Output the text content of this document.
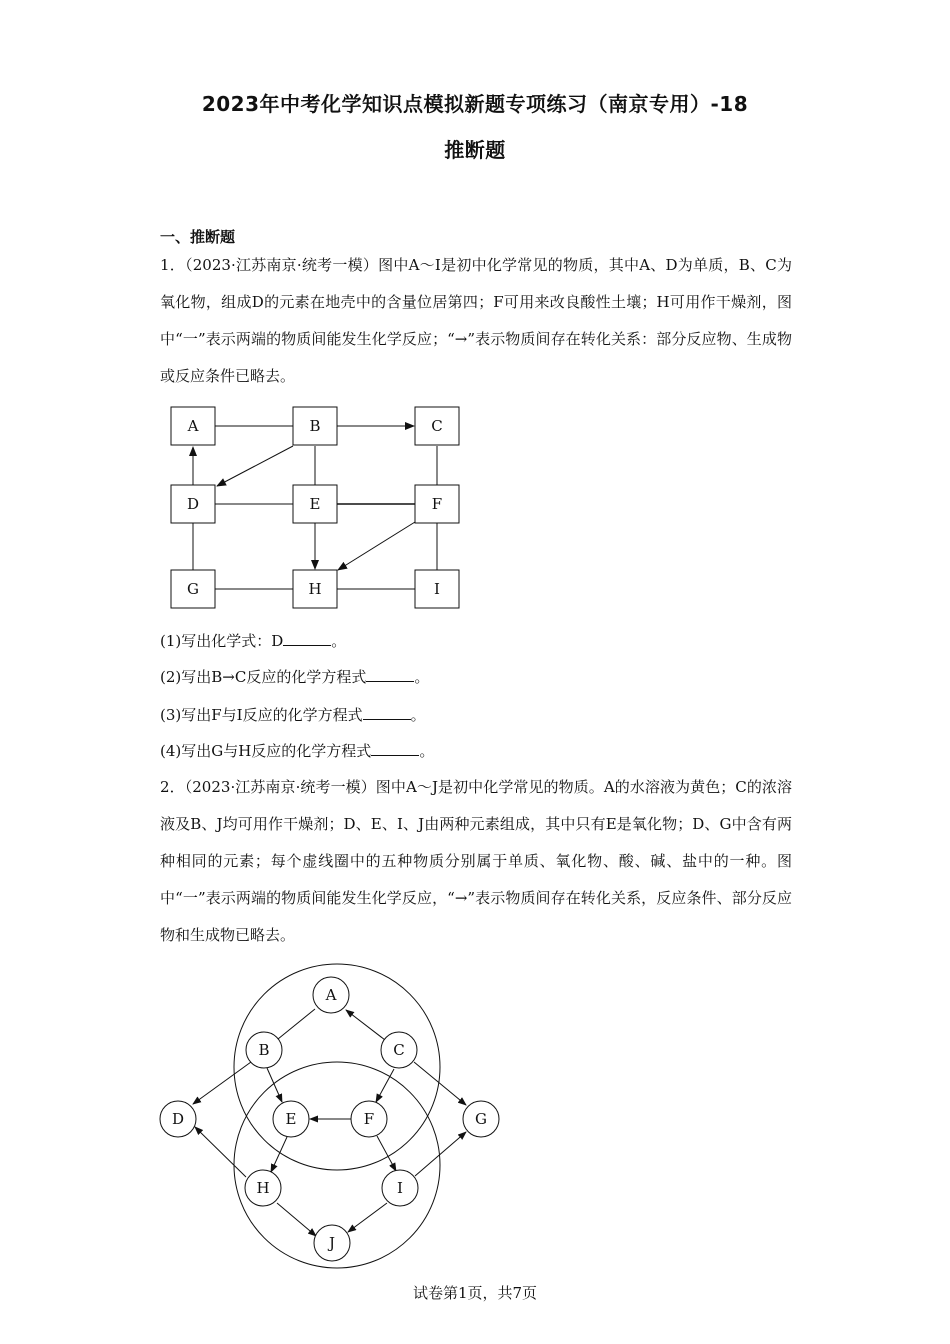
2023年中考化学知识点模拟新题专项练习（南京专用）-18
推断题
一、推断题
1．（2023·江苏南京·统考一模）图中A～I是初中化学常见的物质，其中A、D为单质，B、C为氧化物，组成D的元素在地壳中的含量位居第四；F可用来改良酸性土壤；H可用作干燥剂，图中“一”表示两端的物质间能发生化学反应；“→”表示物质间存在转化关系：部分反应物、生成物或反应条件已略去。
A	B	C
D	E	F
G	H	I
(1)写出化学式：D	。
(2)写出B→C反应的化学方程式	。
(3)写出F与I反应的化学方程式	。
(4)写出G与H反应的化学方程式	。
2．（2023·江苏南京·统考一模）图中A～J是初中化学常见的物质。A的水溶液为黄色；C的浓溶液及B、J均可用作干燥剂；D、E、I、J由两种元素组成，其中只有E是氧化物；D、G中含有两种相同的元素；每个虚线圈中的五种物质分别属于单质、氧化物、酸、碱、盐中的一种。图中“一”表示两端的物质间能发生化学反应，“→”表示物质间存在转化关系，反应条件、部分反应物和生成物已略去。
A
B	C
D	E	F	G
H	I
J
试卷第1页，共7页
